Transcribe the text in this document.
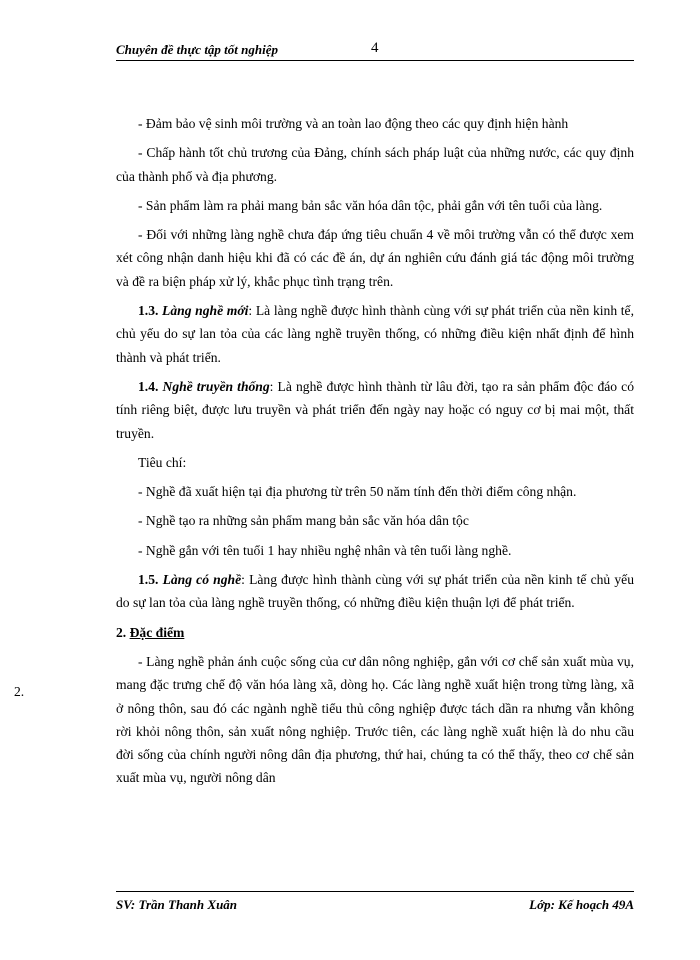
Chuyên đề thực tập tốt nghiệp	4
2.

- Đảm bảo vệ sinh môi trường và an toàn lao động theo các quy định hiện hành

- Chấp hành tốt chủ trương của Đảng, chính sách pháp luật của những nước, các quy định của thành phố và địa phương.

- Sản phẩm làm ra phải mang bản sắc văn hóa dân tộc, phải gắn với tên tuổi của làng.

- Đối với những làng nghề chưa đáp ứng tiêu chuẩn 4 về môi trường vẫn có thể được xem xét công nhận danh hiệu khi đã có các đề án, dự án nghiên cứu đánh giá tác động môi trường và đề ra biện pháp xử lý, khắc phục tình trạng trên.

1.3. Làng nghề mới: Là làng nghề được hình thành cùng với sự phát triển của nền kinh tế, chủ yếu do sự lan tỏa của các làng nghề truyền thống, có những điều kiện nhất định để hình thành và phát triển.

1.4. Nghề truyền thống: Là nghề được hình thành từ lâu đời, tạo ra sản phẩm độc đáo có tính riêng biệt, được lưu truyền và phát triển đến ngày nay hoặc có nguy cơ bị mai một, thất truyền.

Tiêu chí:

- Nghề đã xuất hiện tại địa phương từ trên 50 năm tính đến thời điểm công nhận.

- Nghề tạo ra những sản phẩm mang bản sắc văn hóa dân tộc

- Nghề gắn với tên tuổi 1 hay nhiều nghệ nhân và tên tuổi làng nghề.

1.5. Làng có nghề: Làng được hình thành cùng với sự phát triển của nền kinh tế chủ yếu do sự lan tỏa của làng nghề truyền thống, có những điều kiện thuận lợi để phát triển.

2. Đặc điểm

- Làng nghề phản ánh cuộc sống của cư dân nông nghiệp, gắn với cơ chế sản xuất mùa vụ, mang đặc trưng chế độ văn hóa làng xã, dòng họ. Các làng nghề xuất hiện trong từng làng, xã ở nông thôn, sau đó các ngành nghề tiểu thủ công nghiệp được tách dần ra nhưng vẫn không rời khỏi nông thôn, sản xuất nông nghiệp. Trước tiên, các làng nghề xuất hiện là do nhu cầu đời sống của chính người nông dân địa phương, thứ hai, chúng ta có thể thấy, theo cơ chế sản xuất mùa vụ, người nông dân

SV: Trần Thanh Xuân	Lớp: Kế hoạch 49A
